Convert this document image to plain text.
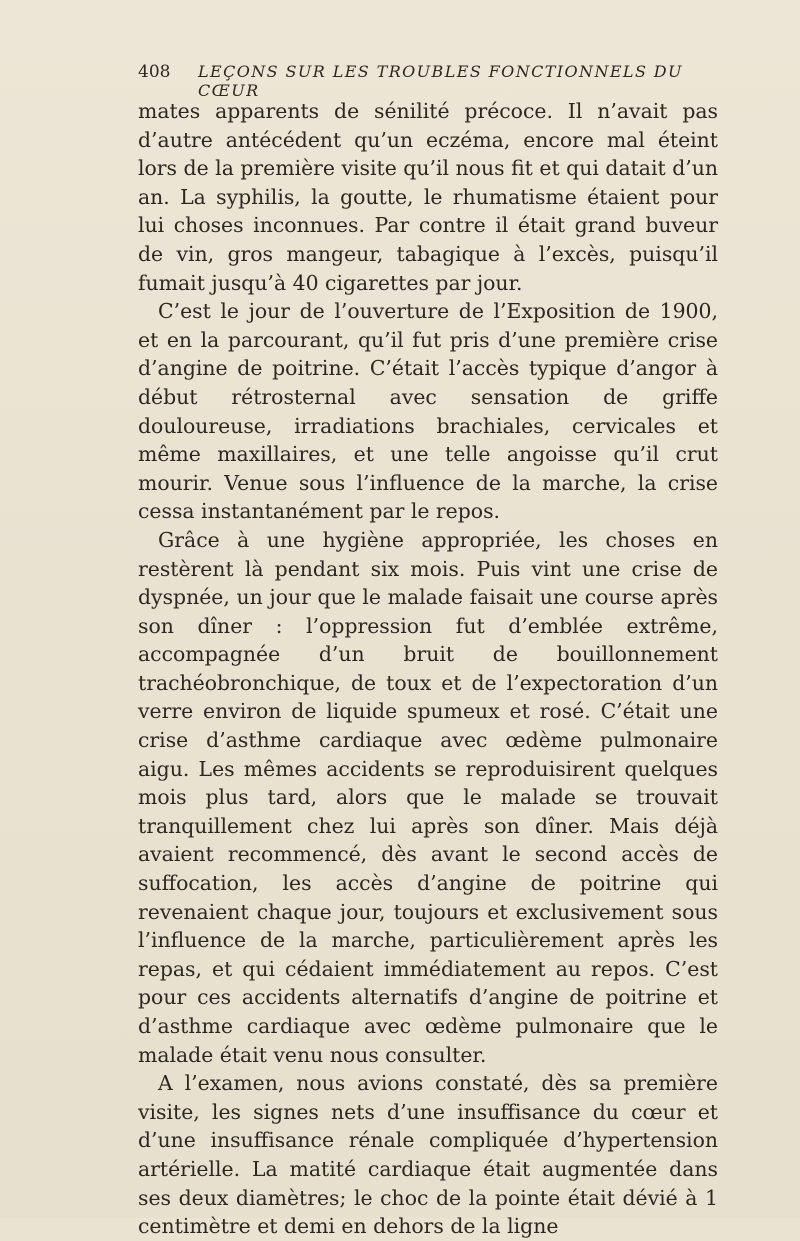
408 LEÇONS SUR LES TROUBLES FONCTIONNELS DU CŒUR

mates apparents de sénilité précoce. Il n’avait pas d’autre antécédent qu’un eczéma, encore mal éteint lors de la première visite qu’il nous fit et qui datait d’un an. La syphilis, la goutte, le rhumatisme étaient pour lui choses inconnues. Par contre il était grand buveur de vin, gros mangeur, tabagique à l’excès, puisqu’il fumait jusqu’à 40 cigarettes par jour.

C’est le jour de l’ouverture de l’Exposition de 1900, et en la parcourant, qu’il fut pris d’une première crise d’angine de poitrine. C’était l’accès typique d’angor à début rétrosternal avec sensation de griffe douloureuse, irradiations brachiales, cervicales et même maxillaires, et une telle angoisse qu’il crut mourir. Venue sous l’influence de la marche, la crise cessa instantanément par le repos.

Grâce à une hygiène appropriée, les choses en restèrent là pendant six mois. Puis vint une crise de dyspnée, un jour que le malade faisait une course après son dîner : l’oppression fut d’emblée extrême, accompagnée d’un bruit de bouillonnement trachéobronchique, de toux et de l’expectoration d’un verre environ de liquide spumeux et rosé. C’était une crise d’asthme cardiaque avec œdème pulmonaire aigu. Les mêmes accidents se reproduisirent quelques mois plus tard, alors que le malade se trouvait tranquillement chez lui après son dîner. Mais déjà avaient recommencé, dès avant le second accès de suffocation, les accès d’angine de poitrine qui revenaient chaque jour, toujours et exclusivement sous l’influence de la marche, particulièrement après les repas, et qui cédaient immédiatement au repos. C’est pour ces accidents alternatifs d’angine de poitrine et d’asthme cardiaque avec œdème pulmonaire que le malade était venu nous consulter.

A l’examen, nous avions constaté, dès sa première visite, les signes nets d’une insuffisance du cœur et d’une insuffisance rénale compliquée d’hypertension artérielle. La matité cardiaque était augmentée dans ses deux diamètres; le choc de la pointe était dévié à 1 centimètre et demi en dehors de la ligne
